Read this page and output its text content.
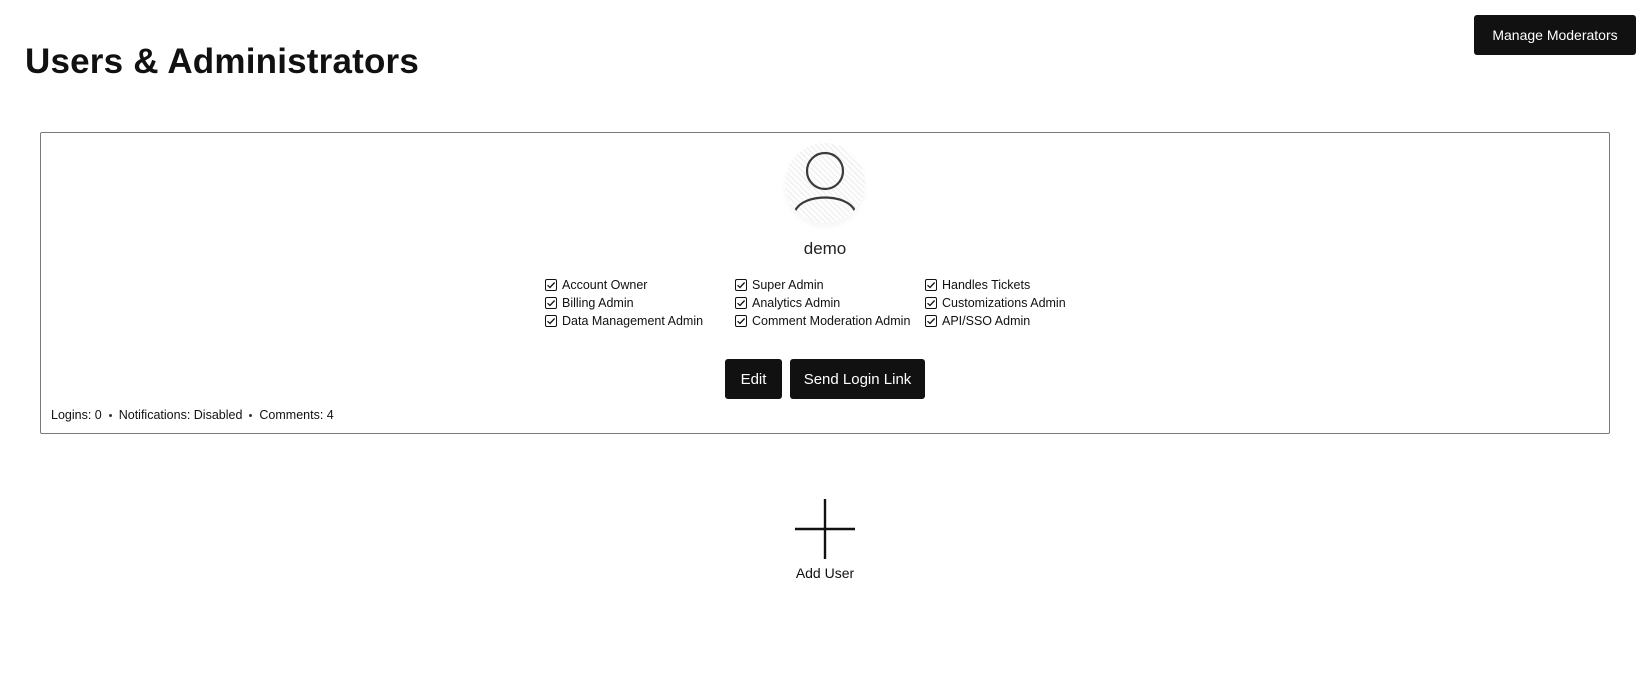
Users & Administrators
Manage Moderators
demo
Account Owner	Super Admin	Handles Tickets
Billing Admin	Analytics Admin	Customizations Admin
Data Management Admin	Comment Moderation Admin	API/SSO Admin
Edit	Send Login Link
Logins: 0 Notifications: Disabled Comments: 4
Add User
